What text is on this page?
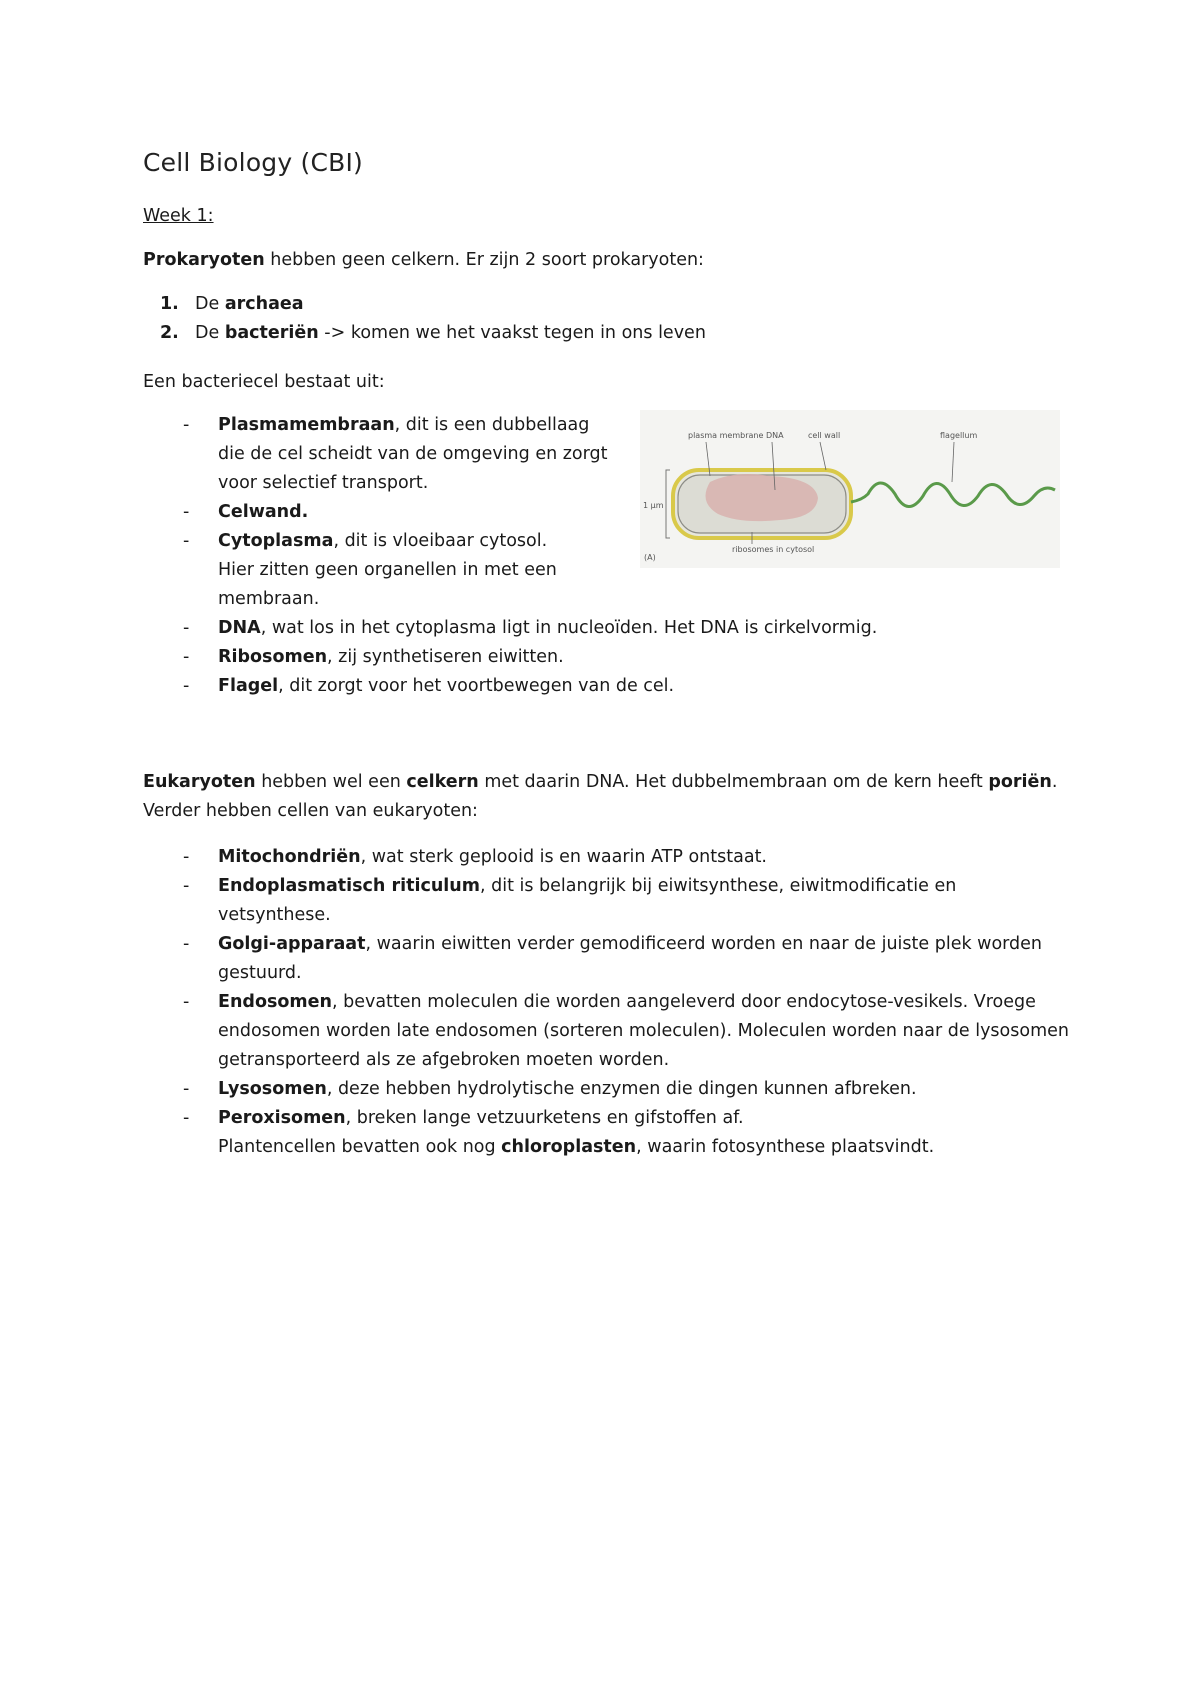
Cell Biology (CBI)
Week 1:
Prokaryoten hebben geen celkern. Er zijn 2 soort prokaryoten:
1. De archaea
2. De bacteriën -> komen we het vaakst tegen in ons leven
Een bacteriecel bestaat uit:
- Plasmamembraan, dit is een dubbellaag die de cel scheidt van de omgeving en zorgt voor selectief transport.
- Celwand.
- Cytoplasma, dit is vloeibaar cytosol. Hier zitten geen organellen in met een membraan.
- DNA, wat los in het cytoplasma ligt in nucleoïden. Het DNA is cirkelvormig.
- Ribosomen, zij synthetiseren eiwitten.
- Flagel, dit zorgt voor het voortbewegen van de cel.
1 µm
plasma membrane DNA	cell wall	flagellum
ribosomes in cytosol
(A)
Eukaryoten hebben wel een celkern met daarin DNA. Het dubbelmembraan om de kern heeft poriën. Verder hebben cellen van eukaryoten:
- Mitochondriën, wat sterk geplooid is en waarin ATP ontstaat.
- Endoplasmatisch riticulum, dit is belangrijk bij eiwitsynthese, eiwitmodificatie en vetsynthese.
- Golgi-apparaat, waarin eiwitten verder gemodificeerd worden en naar de juiste plek worden gestuurd.
- Endosomen, bevatten moleculen die worden aangeleverd door endocytose-vesikels. Vroege endosomen worden late endosomen (sorteren moleculen). Moleculen worden naar de lysosomen getransporteerd als ze afgebroken moeten worden.
- Lysosomen, deze hebben hydrolytische enzymen die dingen kunnen afbreken.
- Peroxisomen, breken lange vetzuurketens en gifstoffen af.
Plantencellen bevatten ook nog chloroplasten, waarin fotosynthese plaatsvindt.
